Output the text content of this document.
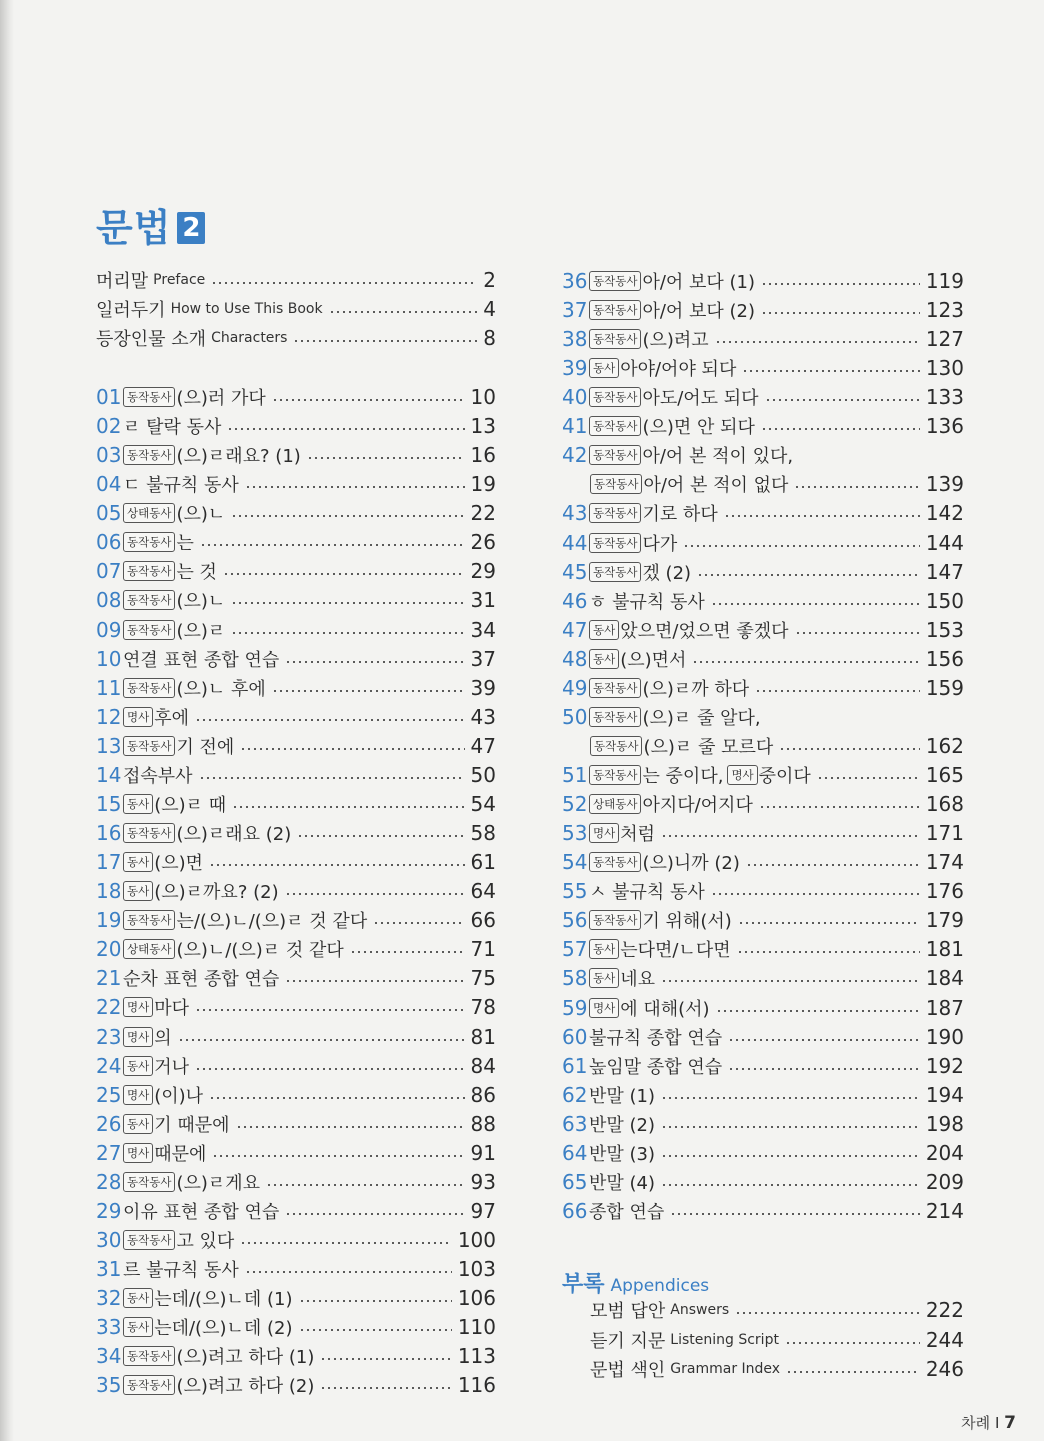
문법 2
머리말 Preface	2
일러두기 How to Use This Book	4
등장인물 소개 Characters	8
01 동작동사 (으)러 가다	10
02 ㄹ 탈락 동사	13
03 동작동사 (으)ㄹ래요? (1)	16
04 ㄷ 불규칙 동사	19
05 상태동사 (으)ㄴ	22
06 동작동사 는	26
07 동작동사 는 것	29
08 동작동사 (으)ㄴ	31
09 동작동사 (으)ㄹ	34
10 연결 표현 종합 연습	37
11 동작동사 (으)ㄴ 후에	39
12 명사 후에	43
13 동작동사 기 전에	47
14 접속부사	50
15 동사 (으)ㄹ 때	54
16 동작동사 (으)ㄹ래요 (2)	58
17 동사 (으)면	61
18 동사 (으)ㄹ까요? (2)	64
19 동작동사 는/(으)ㄴ/(으)ㄹ 것 같다	66
20 상태동사 (으)ㄴ/(으)ㄹ 것 같다	71
21 순차 표현 종합 연습	75
22 명사 마다	78
23 명사 의	81
24 동사 거나	84
25 명사 (이)나	86
26 동사 기 때문에	88
27 명사 때문에	91
28 동작동사 (으)ㄹ게요	93
29 이유 표현 종합 연습	97
30 동작동사 고 있다	100
31 르 불규칙 동사	103
32 동사 는데/(으)ㄴ데 (1)	106
33 동사 는데/(으)ㄴ데 (2)	110
34 동작동사 (으)려고 하다 (1)	113
35 동작동사 (으)려고 하다 (2)	116
36 동작동사 아/어 보다 (1)	119
37 동작동사 아/어 보다 (2)	123
38 동작동사 (으)려고	127
39 동사 아야/어야 되다	130
40 동작동사 아도/어도 되다	133
41 동작동사 (으)면 안 되다	136
42 동작동사 아/어 본 적이 있다,
동작동사 아/어 본 적이 없다	139
43 동작동사 기로 하다	142
44 동작동사 다가	144
45 동작동사 겠 (2)	147
46 ㅎ 불규칙 동사	150
47 동사 았으면/었으면 좋겠다	153
48 동사 (으)면서	156
49 동작동사 (으)ㄹ까 하다	159
50 동작동사 (으)ㄹ 줄 알다,
동작동사 (으)ㄹ 줄 모르다	162
51 동작동사 는 중이다, 명사 중이다	165
52 상태동사 아지다/어지다	168
53 명사 처럼	171
54 동작동사 (으)니까 (2)	174
55 ㅅ 불규칙 동사	176
56 동작동사 기 위해(서)	179
57 동사 는다면/ㄴ다면	181
58 동사 네요	184
59 명사 에 대해(서)	187
60 불규칙 종합 연습	190
61 높임말 종합 연습	192
62 반말 (1)	194
63 반말 (2)	198
64 반말 (3)	204
65 반말 (4)	209
66 종합 연습	214
부록 Appendices
모범 답안 Answers	222
듣기 지문 Listening Script	244
문법 색인 Grammar Index	246
차례 I 7
